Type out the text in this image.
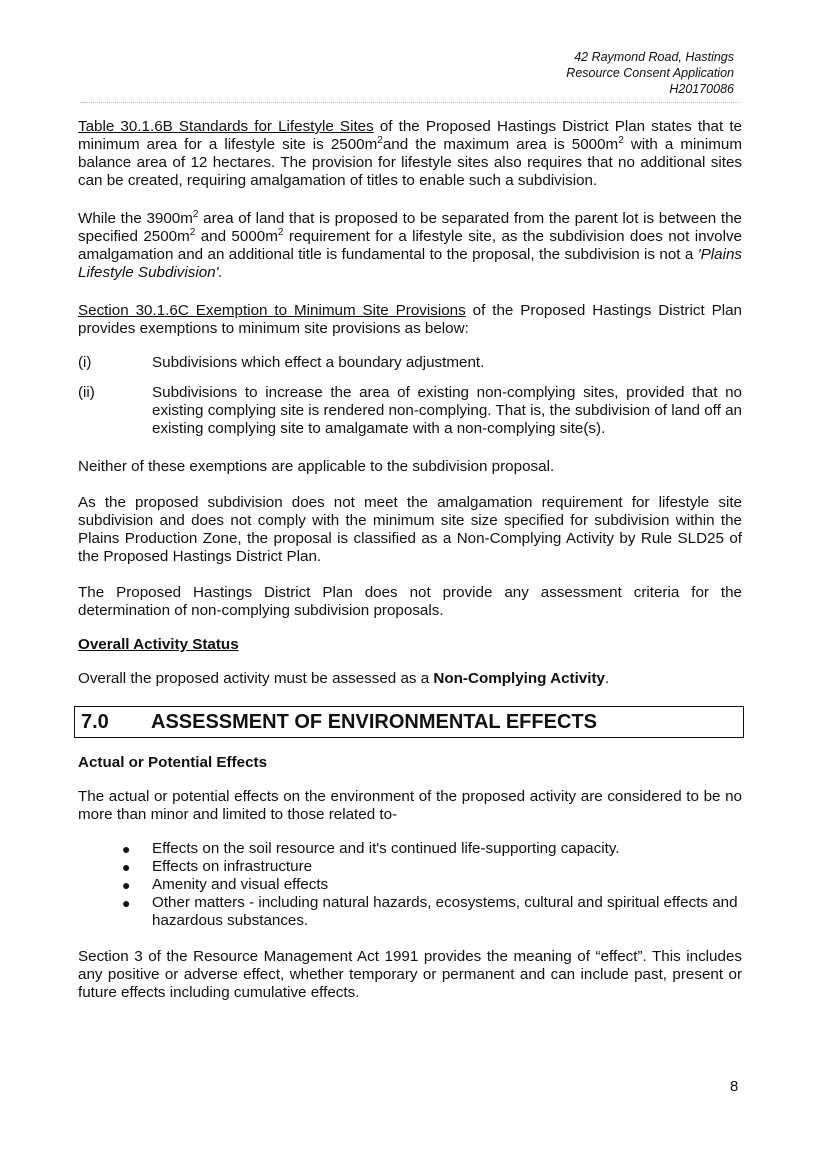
42 Raymond Road, Hastings
Resource Consent Application
H20170086

Table 30.1.6B Standards for Lifestyle Sites of the Proposed Hastings District Plan states that te minimum area for a lifestyle site is $2500m^2and$ the maximum area is $5000m^2$ with a minimum balance area of 12 hectares. The provision for lifestyle sites also requires that no additional sites can be created, requiring amalgamation of titles to enable such a subdivision.

While the $3900m^2$ area of land that is proposed to be separated from the parent lot is between the specified $2500m^2$ and $5000m^2$ requirement for a lifestyle site, as the subdivision does not involve amalgamation and an additional title is fundamental to the proposal, the subdivision is not a 'Plains Lifestyle Subdivision'.

Section 30.1.6C Exemption to Minimum Site Provisions of the Proposed Hastings District Plan provides exemptions to minimum site provisions as below:

(i)	Subdivisions which effect a boundary adjustment.
(ii)	Subdivisions to increase the area of existing non-complying sites, provided that no existing complying site is rendered non-complying. That is, the subdivision of land off an existing complying site to amalgamate with a non-complying site(s).

Neither of these exemptions are applicable to the subdivision proposal.

As the proposed subdivision does not meet the amalgamation requirement for lifestyle site subdivision and does not comply with the minimum site size specified for subdivision within the Plains Production Zone, the proposal is classified as a Non-Complying Activity by Rule SLD25 of the Proposed Hastings District Plan.

The Proposed Hastings District Plan does not provide any assessment criteria for the determination of non-complying subdivision proposals.

Overall Activity Status

Overall the proposed activity must be assessed as a Non-Complying Activity.

7.0	ASSESSMENT OF ENVIRONMENTAL EFFECTS

Actual or Potential Effects

The actual or potential effects on the environment of the proposed activity are considered to be no more than minor and limited to those related to-

●	Effects on the soil resource and it's continued life-supporting capacity.
●	Effects on infrastructure
●	Amenity and visual effects
●	Other matters - including natural hazards, ecosystems, cultural and spiritual effects and hazardous substances.

Section 3 of the Resource Management Act 1991 provides the meaning of “effect”. This includes any positive or adverse effect, whether temporary or permanent and can include past, present or future effects including cumulative effects.

8
